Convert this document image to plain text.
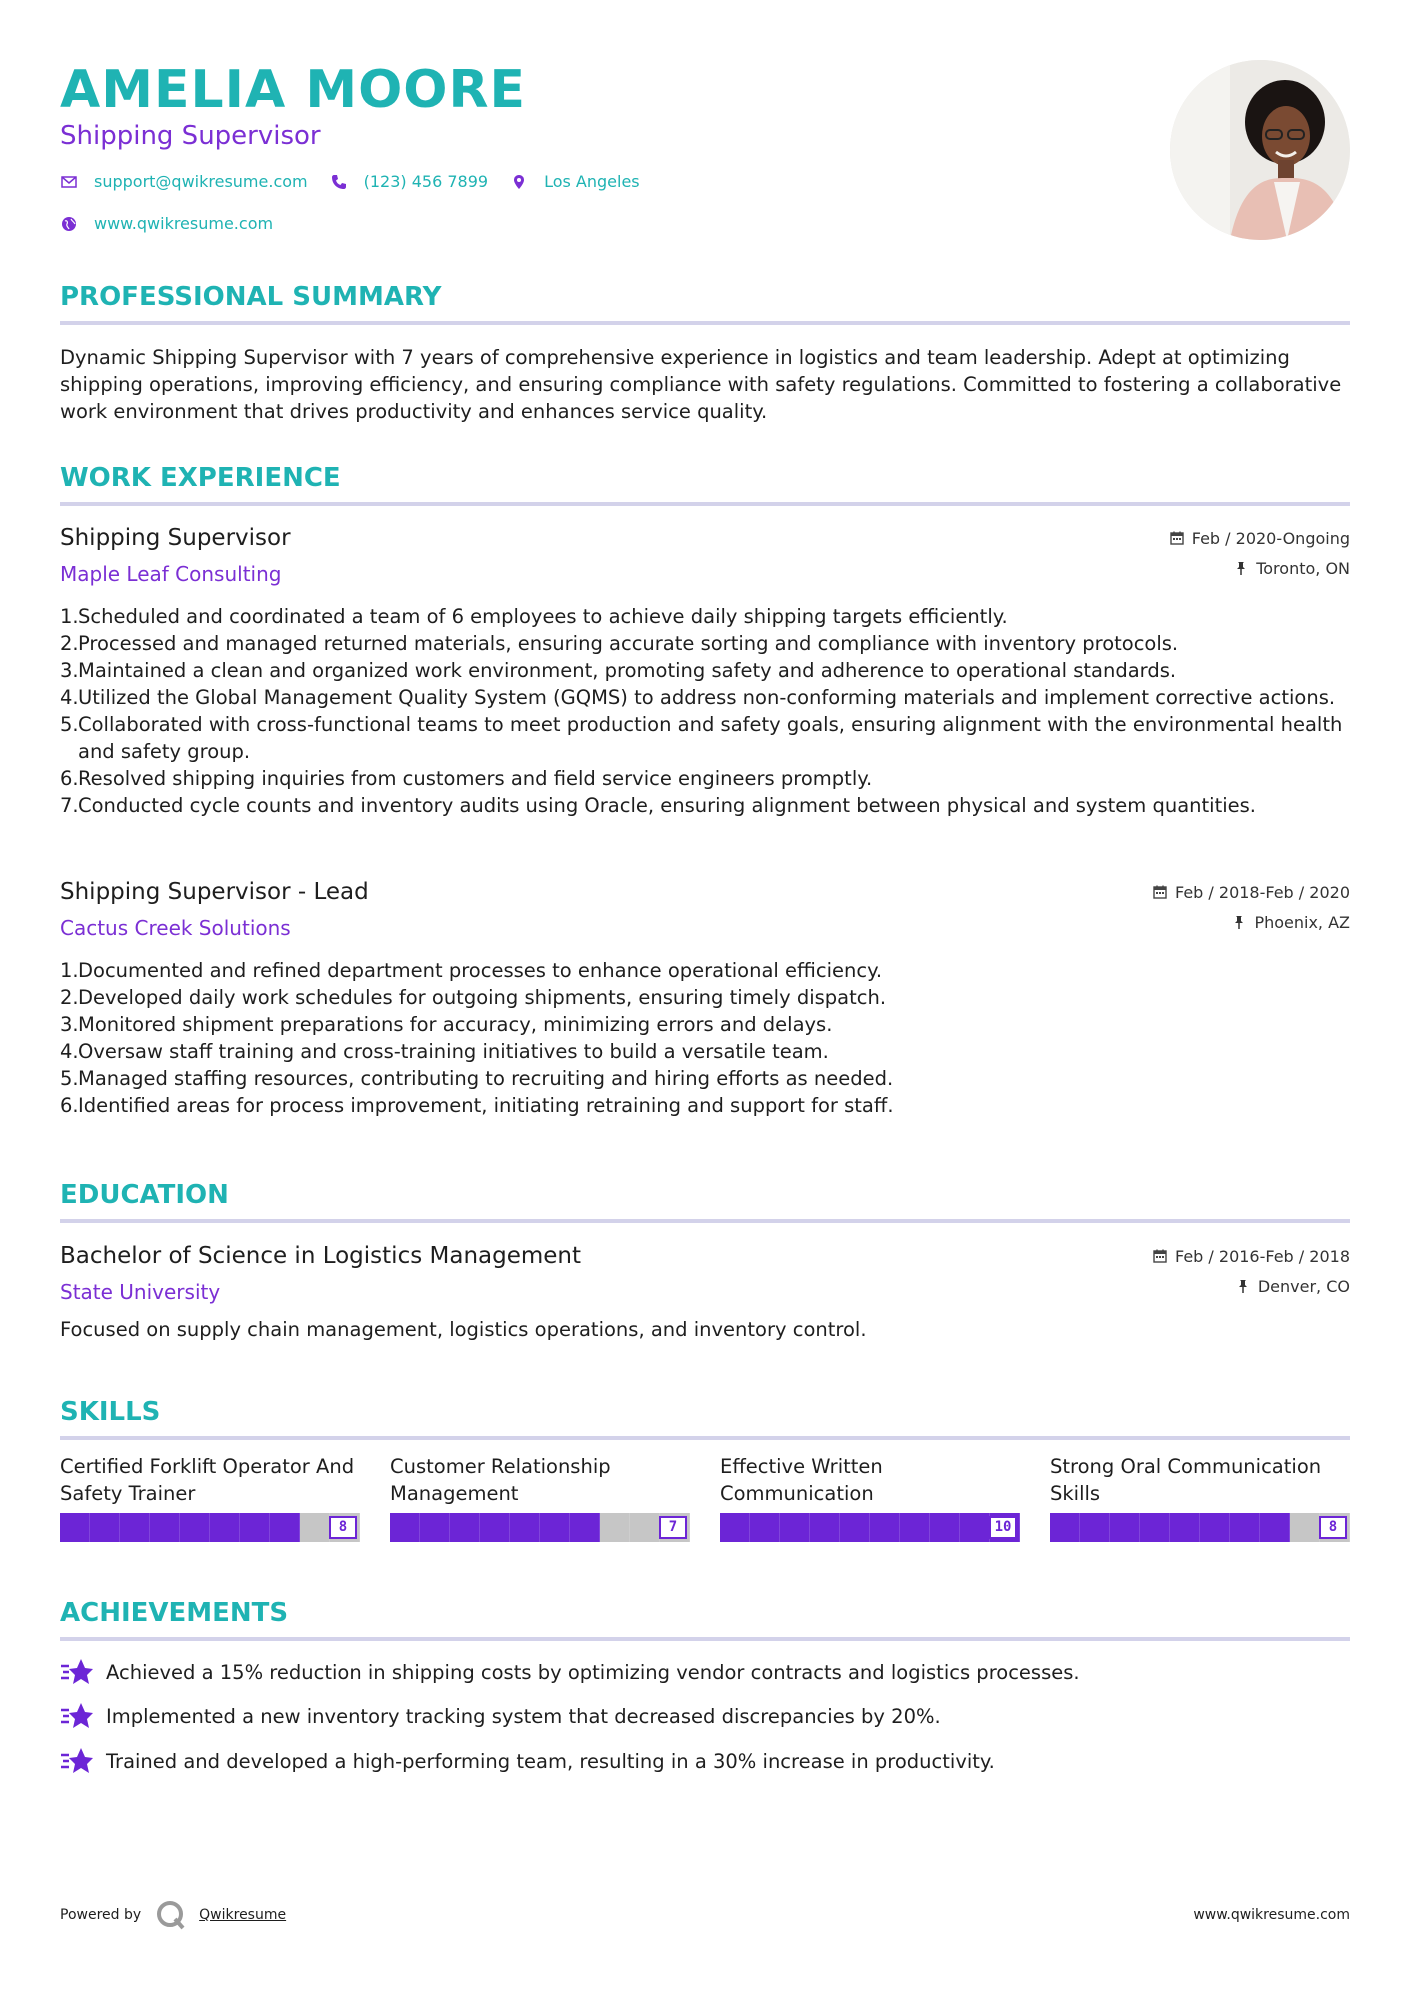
AMELIA MOORE
Shipping Supervisor
support@qwikresume.com	(123) 456 7899	Los Angeles
www.qwikresume.com
PROFESSIONAL SUMMARY
Dynamic Shipping Supervisor with 7 years of comprehensive experience in logistics and team leadership. Adept at optimizing shipping operations, improving efficiency, and ensuring compliance with safety regulations. Committed to fostering a collaborative work environment that drives productivity and enhances service quality.
WORK EXPERIENCE
Shipping Supervisor
Maple Leaf Consulting
Feb / 2020-Ongoing
Toronto, ON
1. Scheduled and coordinated a team of 6 employees to achieve daily shipping targets efficiently.
2. Processed and managed returned materials, ensuring accurate sorting and compliance with inventory protocols.
3. Maintained a clean and organized work environment, promoting safety and adherence to operational standards.
4. Utilized the Global Management Quality System (GQMS) to address non-conforming materials and implement corrective actions.
5. Collaborated with cross-functional teams to meet production and safety goals, ensuring alignment with the environmental health and safety group.
6. Resolved shipping inquiries from customers and field service engineers promptly.
7. Conducted cycle counts and inventory audits using Oracle, ensuring alignment between physical and system quantities.
Shipping Supervisor - Lead
Cactus Creek Solutions
Feb / 2018-Feb / 2020
Phoenix, AZ
1. Documented and refined department processes to enhance operational efficiency.
2. Developed daily work schedules for outgoing shipments, ensuring timely dispatch.
3. Monitored shipment preparations for accuracy, minimizing errors and delays.
4. Oversaw staff training and cross-training initiatives to build a versatile team.
5. Managed staffing resources, contributing to recruiting and hiring efforts as needed.
6. Identified areas for process improvement, initiating retraining and support for staff.
EDUCATION
Bachelor of Science in Logistics Management
State University
Feb / 2016-Feb / 2018
Denver, CO
Focused on supply chain management, logistics operations, and inventory control.
SKILLS
Certified Forklift Operator And Safety Trainer
8
Customer Relationship Management
7
Effective Written Communication
10
Strong Oral Communication Skills
8
ACHIEVEMENTS
Achieved a 15% reduction in shipping costs by optimizing vendor contracts and logistics processes.
Implemented a new inventory tracking system that decreased discrepancies by 20%.
Trained and developed a high-performing team, resulting in a 30% increase in productivity.
Powered by	Qwikresume	www.qwikresume.com
